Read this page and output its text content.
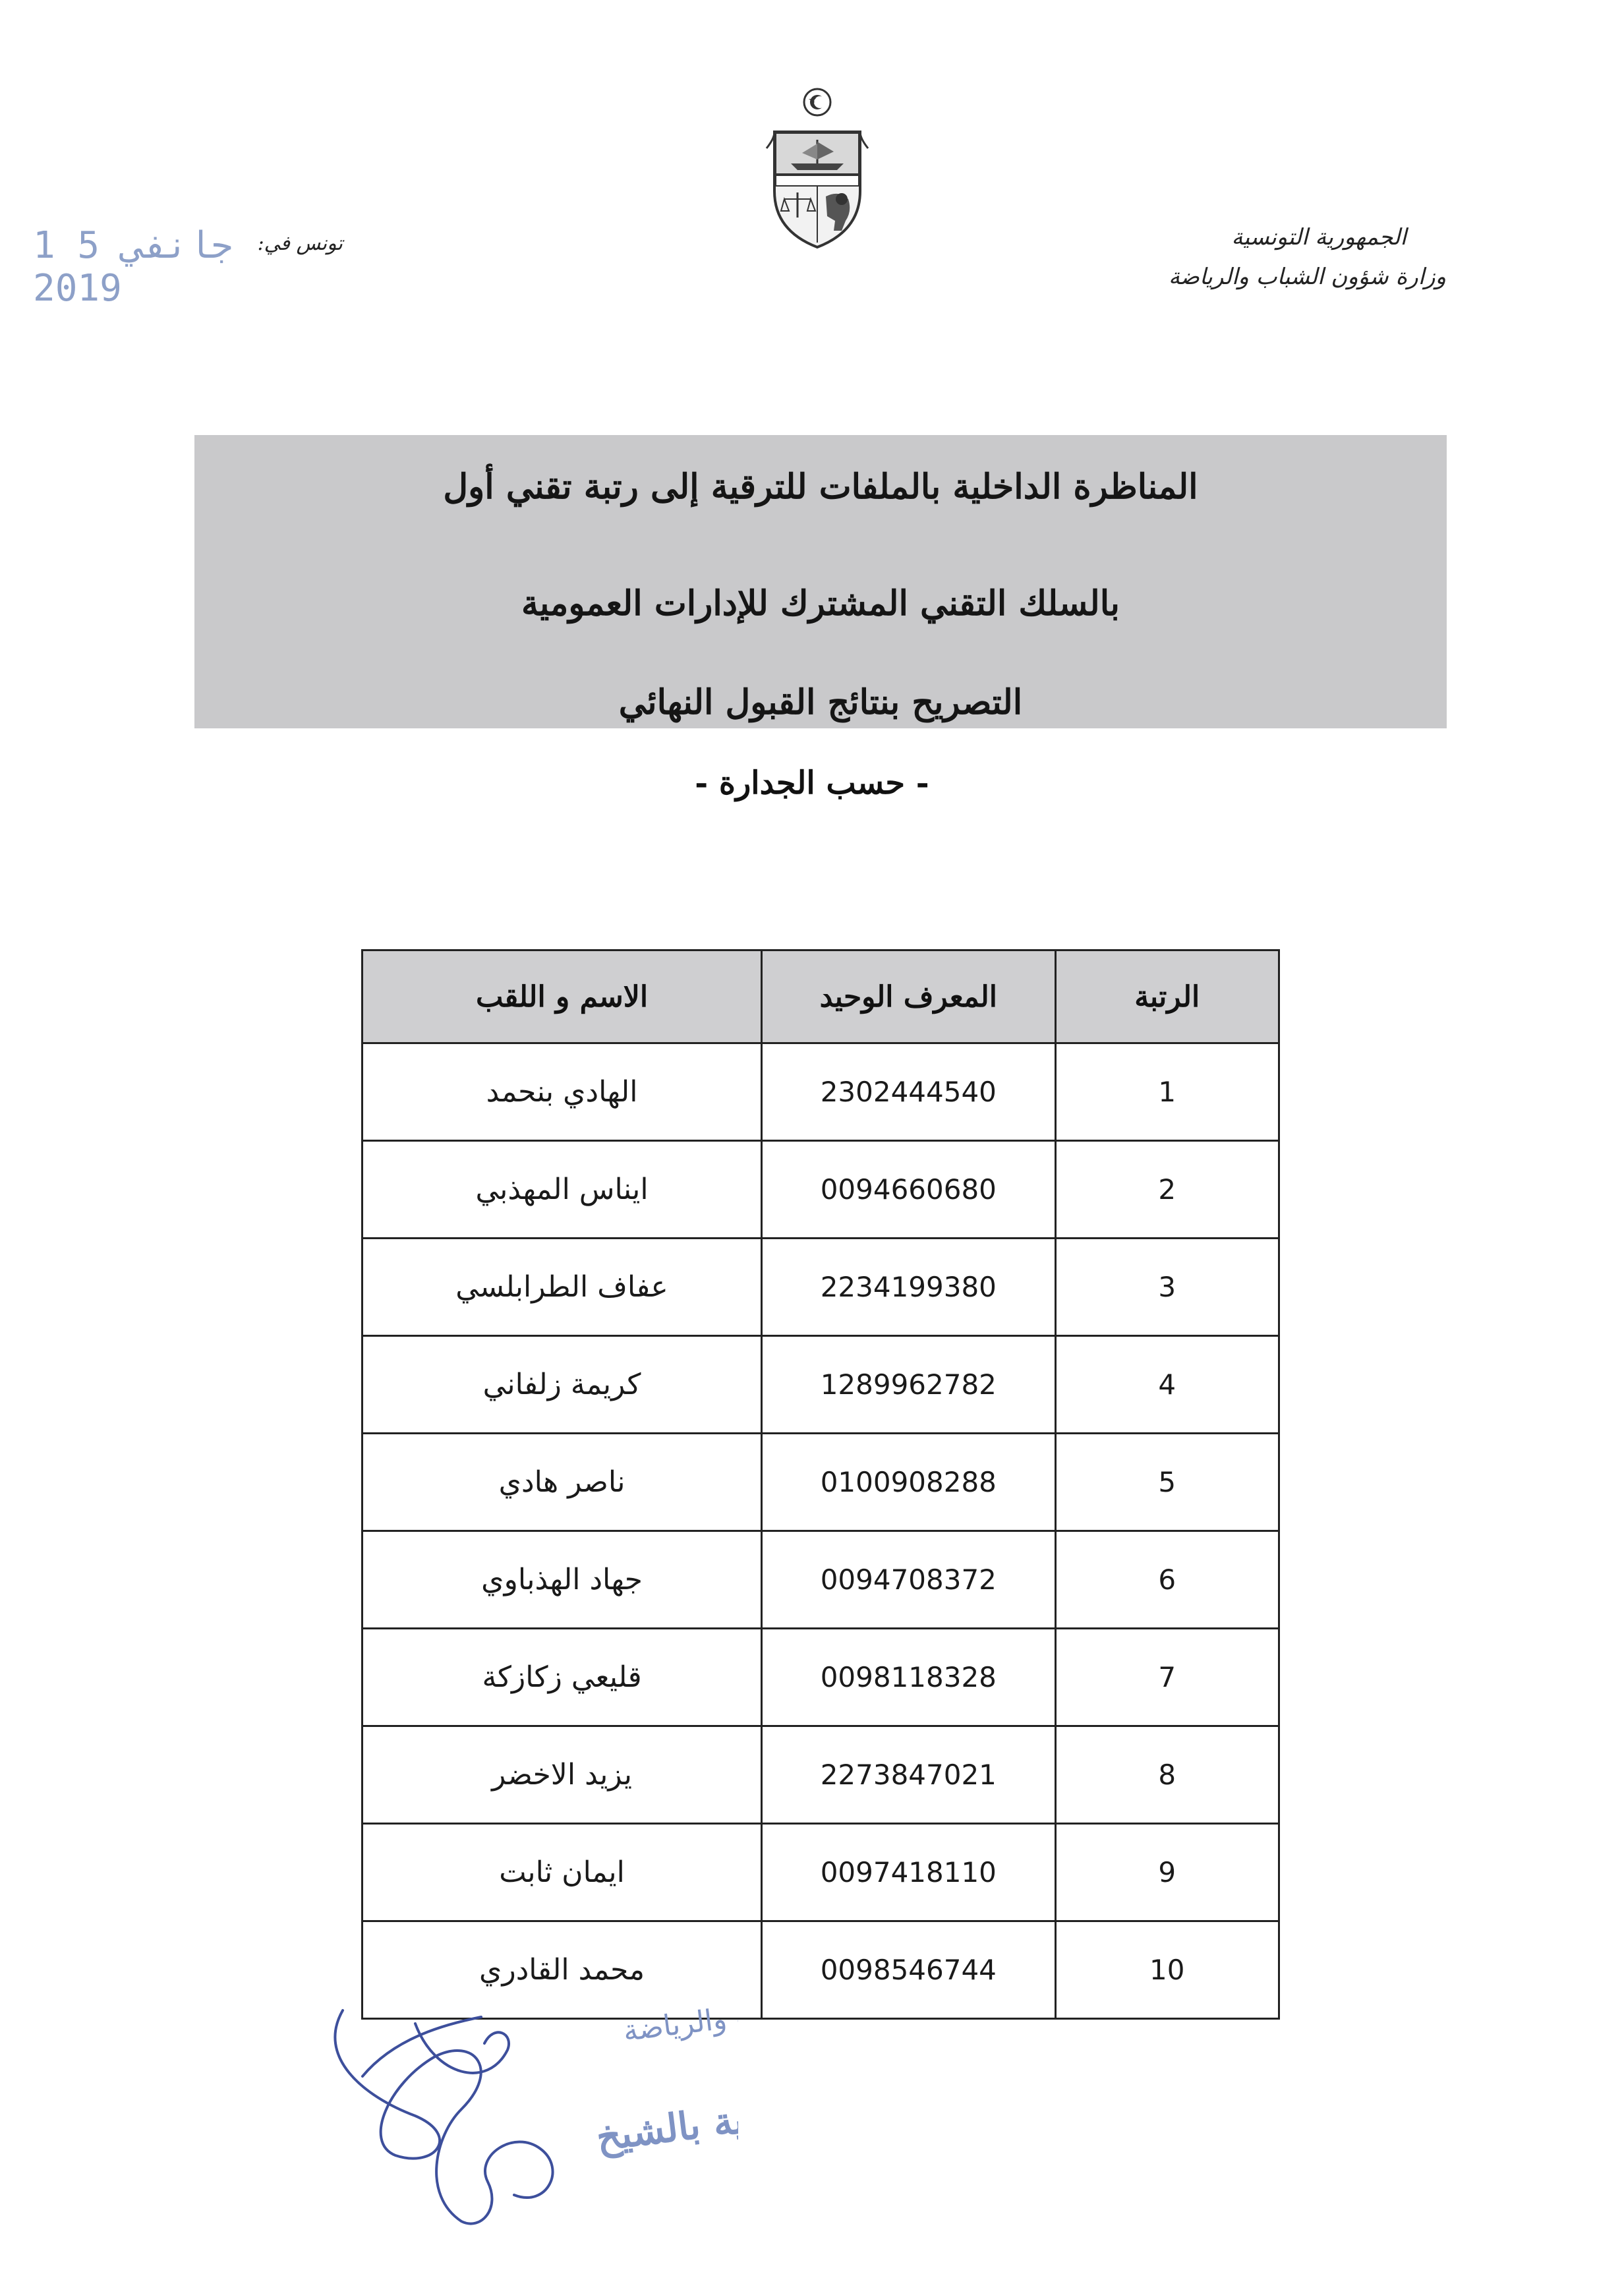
الجمهورية التونسية
وزارة شؤون الشباب والرياضة
1 5 جانفي 2019
تونس في:
المناظرة الداخلية بالملفات للترقية إلى رتبة تقني أول
بالسلك التقني المشترك للإدارات العمومية
التصريح بنتائج القبول النهائي
- حسب الجدارة -
الرتبة	المعرف الوحيد	الاسم و اللقب
1	2302444540	الهادي بنحمد
2	0094660680	ايناس المهذبي
3	2234199380	عفاف الطرابلسي
4	1289962782	كريمة زلفاني
5	0100908288	ناصر هادي
6	0094708372	جهاد الهذباوي
7	0098118328	قليعي زكازكة
8	2273847021	يزيد الاخضر
9	0097418110	ايمان ثابت
10	0098546744	محمد القادري
الشباب والرياضة
سنية بالشيخ
